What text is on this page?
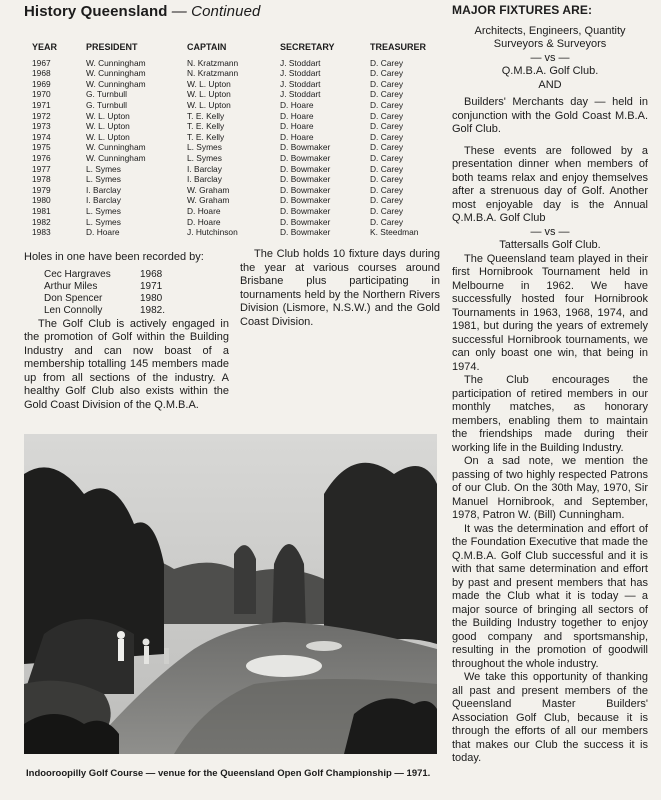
History Queensland — Continued
YEAR	PRESIDENT	CAPTAIN	SECRETARY	TREASURER
1967	W. Cunningham	N. Kratzmann	J. Stoddart	D. Carey
1968	W. Cunningham	N. Kratzmann	J. Stoddart	D. Carey
1969	W. Cunningham	W. L. Upton	J. Stoddart	D. Carey
1970	G. Turnbull	W. L. Upton	J. Stoddart	D. Carey
1971	G. Turnbull	W. L. Upton	D. Hoare	D. Carey
1972	W. L. Upton	T. E. Kelly	D. Hoare	D. Carey
1973	W. L. Upton	T. E. Kelly	D. Hoare	D. Carey
1974	W. L. Upton	T. E. Kelly	D. Hoare	D. Carey
1975	W. Cunningham	L. Symes	D. Bowmaker	D. Carey
1976	W. Cunningham	L. Symes	D. Bowmaker	D. Carey
1977	L. Symes	I. Barclay	D. Bowmaker	D. Carey
1978	L. Symes	I. Barclay	D. Bowmaker	D. Carey
1979	I. Barclay	W. Graham	D. Bowmaker	D. Carey
1980	I. Barclay	W. Graham	D. Bowmaker	D. Carey
1981	L. Symes	D. Hoare	D. Bowmaker	D. Carey
1982	L. Symes	D. Hoare	D. Bowmaker	D. Carey
1983	D. Hoare	J. Hutchinson	D. Bowmaker	K. Steedman

Holes in one have been recorded by:

Cec Hargraves	1968
Arthur Miles	1971
Don Spencer	1980
Len Connolly	1982.

The Golf Club is actively engaged in the promotion of Golf within the Building Industry and can now boast of a membership totalling 145 members made up from all sections of the industry. A healthy Golf Club also exists within the Gold Coast Division of the Q.M.B.A.

The Club holds 10 fixture days during the year at various courses around Brisbane plus participating in tournaments held by the Northern Rivers Division (Lismore, N.S.W.) and the Gold Coast Division.

MAJOR FIXTURES ARE:

Architects, Engineers, Quantity Surveyors & Surveyors

— vs —

Q.M.B.A. Golf Club.

AND

Builders' Merchants day — held in conjunction with the Gold Coast M.B.A. Golf Club.

These events are followed by a presentation dinner when members of both teams relax and enjoy themselves after a strenuous day of Golf. Another most enjoyable day is the Annual Q.M.B.A. Golf Club

— vs —

Tattersalls Golf Club.

The Queensland team played in their first Hornibrook Tournament held in Melbourne in 1962. We have successfully hosted four Hornibrook Tournaments in 1963, 1968, 1974, and 1981, but during the years of extremely successful Hornibrook tournaments, we can only boast one win, that being in 1974.

The Club encourages the participation of retired members in our monthly matches, as honorary members, enabling them to maintain the friendships made during their working life in the Building Industry.

On a sad note, we mention the passing of two highly respected Patrons of our Club. On the 30th May, 1970, Sir Manuel Hornibrook, and September, 1978, Patron W. (Bill) Cunningham.

It was the determination and effort of the Foundation Executive that made the Q.M.B.A. Golf Club successful and it is with that same determination and effort by past and present members that has made the Club what it is today — a major source of bringing all sectors of the Building Industry together to enjoy good company and sportsmanship, resulting in the promotion of goodwill throughout the whole industry.

We take this opportunity of thanking all past and present members of the Queensland Master Builders' Association Golf Club, because it is through the efforts of all our members that makes our Club the success it is today.

Indooroopilly Golf Course — venue for the Queensland Open Golf Championship — 1971.
